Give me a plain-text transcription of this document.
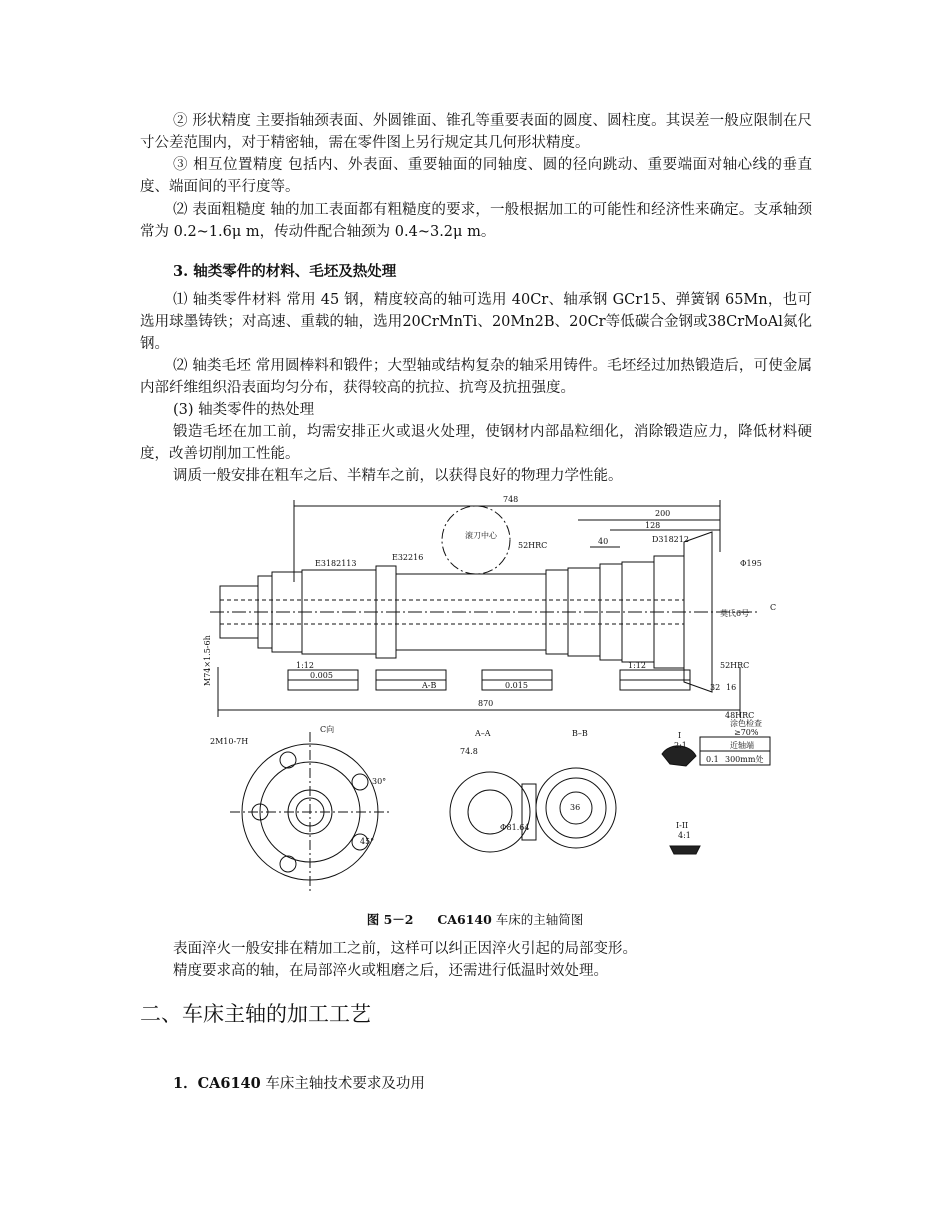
② 形状精度 主要指轴颈表面、外圆锥面、锥孔等重要表面的圆度、圆柱度。其误差一般应限制在尺寸公差范围内，对于精密轴，需在零件图上另行规定其几何形状精度。

③ 相互位置精度 包括内、外表面、重要轴面的同轴度、圆的径向跳动、重要端面对轴心线的垂直度、端面间的平行度等。

⑵ 表面粗糙度 轴的加工表面都有粗糙度的要求，一般根据加工的可能性和经济性来确定。支承轴颈常为 0.2~1.6μ m，传动件配合轴颈为 0.4~3.2μ m。

3. 轴类零件的材料、毛坯及热处理

⑴ 轴类零件材料 常用 45 钢，精度较高的轴可选用 40Cr、轴承钢 GCr15、弹簧钢 65Mn，也可选用球墨铸铁；对高速、重载的轴，选用20CrMnTi、20Mn2B、20Cr等低碳合金钢或38CrMoAl氮化钢。

⑵ 轴类毛坯 常用圆棒料和锻件；大型轴或结构复杂的轴采用铸件。毛坯经过加热锻造后，可使金属内部纤维组织沿表面均匀分布，获得较高的抗拉、抗弯及抗扭强度。

(3) 轴类零件的热处理

锻造毛坯在加工前，均需安排正火或退火处理，使钢材内部晶粒细化，消除锻造应力，降低材料硬度，改善切削加工性能。

调质一般安排在粗车之后、半精车之前，以获得良好的物理力学性能。

748
200
128
40
870
52HRC
52HRC
48HRC
滚刀中心
E3182113
E32216
D318212
M74×1.5-6h
Φ195
莫氏6号
C
1:12	1:12
0.005
0.015
A-B
C向
2M10-7H
30°
45°
A–A	B–B
74.8
Φ81.64
36
I
2:1
I-II
4:1
近轴端
300mm处
0.1
涂色检查
≥70%
32 16
图 5－2 CA6140 车床的主轴简图

表面淬火一般安排在精加工之前，这样可以纠正因淬火引起的局部变形。

精度要求高的轴，在局部淬火或粗磨之后，还需进行低温时效处理。

二、车床主轴的加工工艺

1．CA6140 车床主轴技术要求及功用
